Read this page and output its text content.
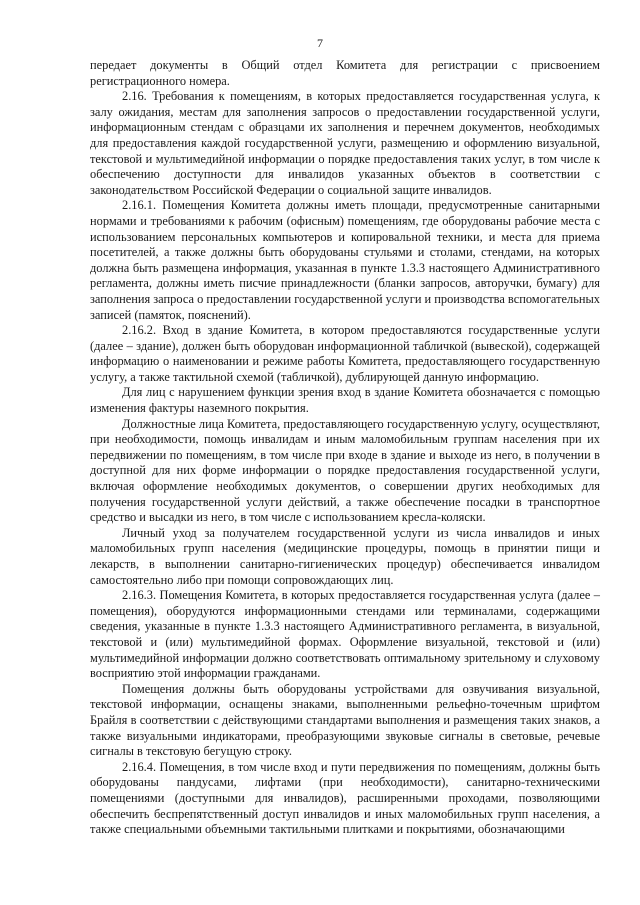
7

передает документы в Общий отдел Комитета для регистрации с присвоением регистрационного номера.

2.16. Требования к помещениям, в которых предоставляется государственная услуга, к залу ожидания, местам для заполнения запросов о предоставлении государственной услуги, информационным стендам с образцами их заполнения и перечнем документов, необходимых для предоставления каждой государственной услуги, размещению и оформлению визуальной, текстовой и мультимедийной информации о порядке предоставления таких услуг, в том числе к обеспечению доступности для инвалидов указанных объектов в соответствии с законодательством Российской Федерации о социальной защите инвалидов.

2.16.1. Помещения Комитета должны иметь площади, предусмотренные санитарными нормами и требованиями к рабочим (офисным) помещениям, где оборудованы рабочие места с использованием персональных компьютеров и копировальной техники, и места для приема посетителей, а также должны быть оборудованы стульями и столами, стендами, на которых должна быть размещена информация, указанная в пункте 1.3.3 настоящего Административного регламента, должны иметь писчие принадлежности (бланки запросов, авторучки, бумагу) для заполнения запроса о предоставлении государственной услуги и производства вспомогательных записей (памяток, пояснений).

2.16.2. Вход в здание Комитета, в котором предоставляются государственные услуги (далее – здание), должен быть оборудован информационной табличкой (вывеской), содержащей информацию о наименовании и режиме работы Комитета, предоставляющего государственную услугу, а также тактильной схемой (табличкой), дублирующей данную информацию.

Для лиц с нарушением функции зрения вход в здание Комитета обозначается с помощью изменения фактуры наземного покрытия.

Должностные лица Комитета, предоставляющего государственную услугу, осуществляют, при необходимости, помощь инвалидам и иным маломобильным группам населения при их передвижении по помещениям, в том числе при входе в здание и выходе из него, в получении в доступной для них форме информации о порядке предоставления государственной услуги, включая оформление необходимых документов, о совершении других необходимых для получения государственной услуги действий, а также обеспечение посадки в транспортное средство и высадки из него, в том числе с использованием кресла-коляски.

Личный уход за получателем государственной услуги из числа инвалидов и иных маломобильных групп населения (медицинские процедуры, помощь в принятии пищи и лекарств, в выполнении санитарно-гигиенических процедур) обеспечивается инвалидом самостоятельно либо при помощи сопровождающих лиц.

2.16.3. Помещения Комитета, в которых предоставляется государственная услуга (далее – помещения), оборудуются информационными стендами или терминалами, содержащими сведения, указанные в пункте 1.3.3 настоящего Административного регламента, в визуальной, текстовой и (или) мультимедийной формах. Оформление визуальной, текстовой и (или) мультимедийной информации должно соответствовать оптимальному зрительному и слуховому восприятию этой информации гражданами.

Помещения должны быть оборудованы устройствами для озвучивания визуальной, текстовой информации, оснащены знаками, выполненными рельефно-точечным шрифтом Брайля в соответствии с действующими стандартами выполнения и размещения таких знаков, а также визуальными индикаторами, преобразующими звуковые сигналы в световые, речевые сигналы в текстовую бегущую строку.

2.16.4. Помещения, в том числе вход и пути передвижения по помещениям, должны быть оборудованы пандусами, лифтами (при необходимости), санитарно-техническими помещениями (доступными для инвалидов), расширенными проходами, позволяющими обеспечить беспрепятственный доступ инвалидов и иных маломобильных групп населения, а также специальными объемными тактильными плитками и покрытиями, обозначающими
